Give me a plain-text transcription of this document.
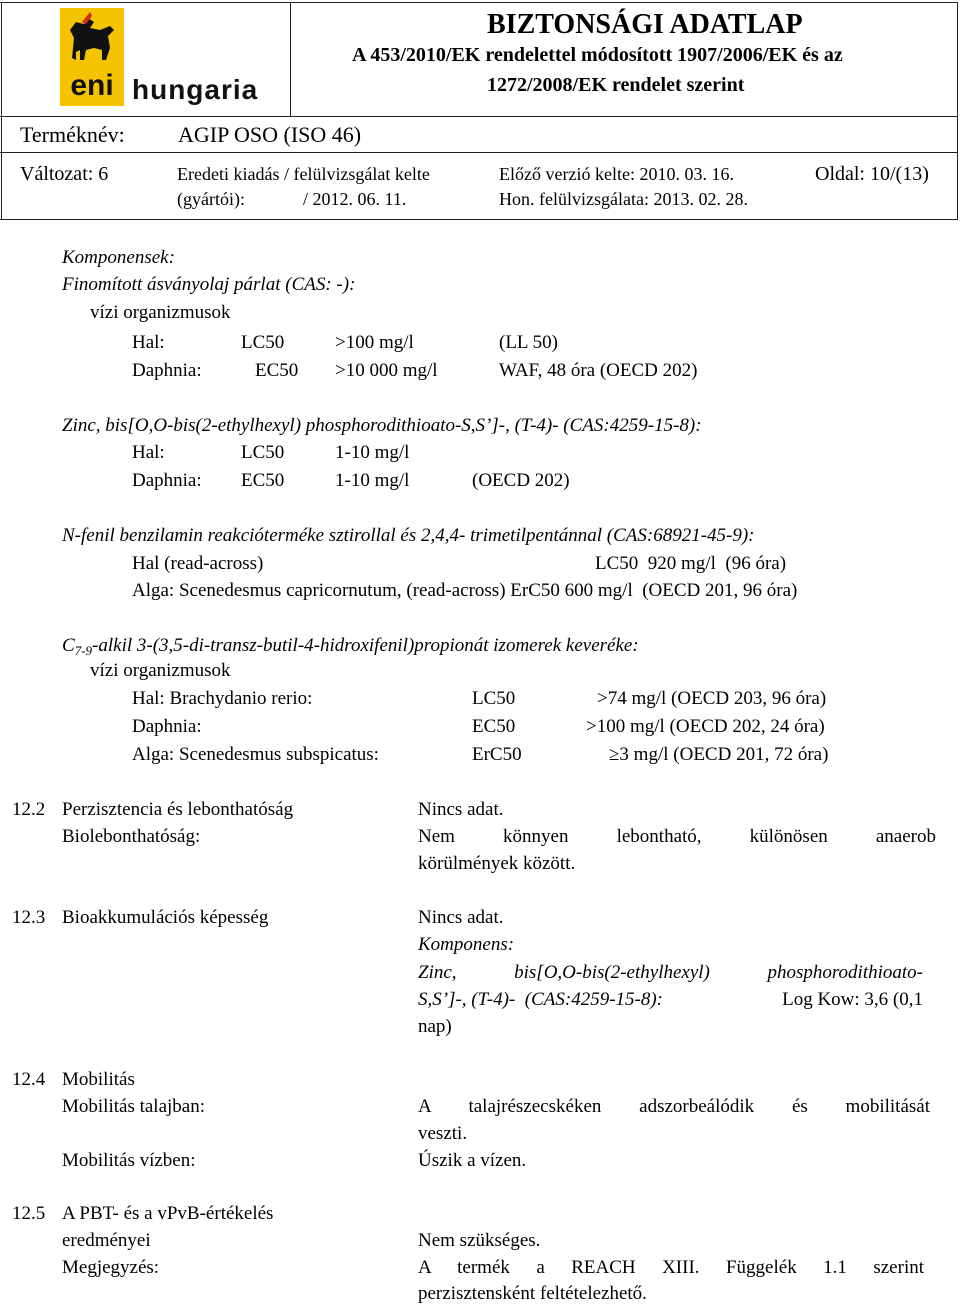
eni hungaria
BIZTONSÁGI ADATLAP
A 453/2010/EK rendelettel módosított 1907/2006/EK és az
1272/2008/EK rendelet szerint
Terméknév: AGIP OSO (ISO 46)
Változat: 6	Eredeti kiadás / felülvizsgálat kelte
(gyártói):	/ 2012. 06. 11.
Előző verzió kelte: 2010. 03. 16.
Hon. felülvizsgálata: 2013. 02. 28.
Oldal: 10/(13)
Komponensek:
Finomított ásványolaj párlat (CAS: -):
vízi organizmusok
Hal:	LC50	>100 mg/l	(LL 50)
Daphnia:	EC50 >10 000 mg/l	WAF, 48 óra (OECD 202)
Zinc, bis[O,O-bis(2-ethylhexyl) phosphorodithioato-S,S’]-, (T-4)- (CAS:4259-15-8):
Hal:	LC50	1-10 mg/l
Daphnia: EC50	1-10 mg/l	(OECD 202)
N-fenil benzilamin reakcióterméke sztirollal és 2,4,4- trimetilpentánnal (CAS:68921-45-9):
Hal (read-across)	LC50  920 mg/l  (96 óra)
Alga: Scenedesmus capricornutum, (read-across) ErC50 600 mg/l  (OECD 201, 96 óra)
$C_{7-9}$-alkil 3-(3,5-di-transz-butil-4-hidroxifenil)propionát izomerek keveréke:
vízi organizmusok
Hal: Brachydanio rerio:	LC50	>74 mg/l (OECD 203, 96 óra)
Daphnia:	EC50	>100 mg/l (OECD 202, 24 óra)
Alga: Scenedesmus subspicatus:	ErC50	≥3 mg/l (OECD 201, 72 óra)
12.2 Perzisztencia és lebonthatóság	Nincs adat.
Biolebonthatóság:	Nem könnyen lebontható, különösen anaerob
körülmények között.
12.3 Bioakkumulációs képesség	Nincs adat.
Komponens:
Zinc, bis[O,O-bis(2-ethylhexyl) phosphorodithioato-
S,S’]-, (T-4)-  (CAS:4259-15-8):	Log Kow: 3,6 (0,1
nap)
12.4 Mobilitás
Mobilitás talajban:	A talajrészecskéken adszorbeálódik és mobilitását
veszti.
Mobilitás vízben:	Úszik a vízen.
12.5 A PBT- és a vPvB-értékelés
eredményei	Nem szükséges.
Megjegyzés:	A termék a REACH XIII. Függelék 1.1 szerint
perzisztensként feltételezhető.
